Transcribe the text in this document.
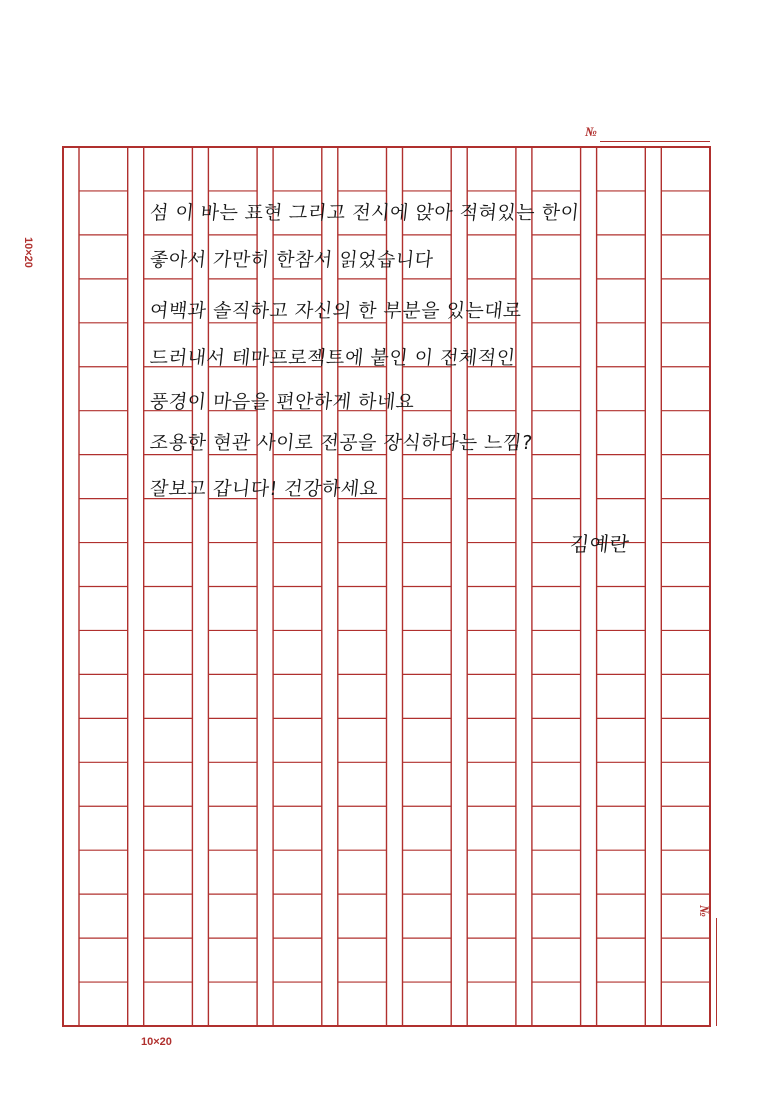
№
№
10×20
10×20
섬 이 바는 표현 그리고 전시에 앉아 적혀있는 한이
좋아서 가만히 한참서 읽었습니다
여백과 솔직하고 자신의 한 부분을 있는대로
드러내서 테마프로젝트에 붙인 이 전체적인
풍경이 마음을 편안하게 하네요
조용한 현관 사이로 전공을 장식하다는 느낌?
잘보고 갑니다! 건강하세요
김예란
